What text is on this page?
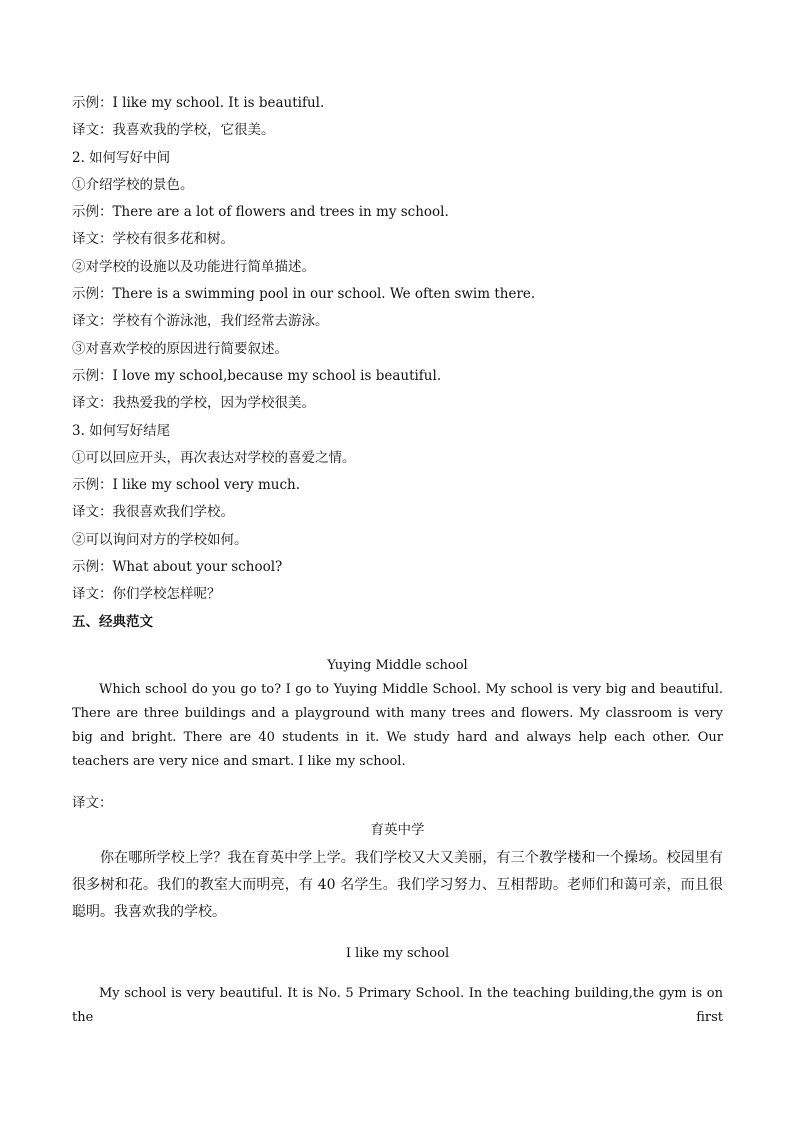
示例：I like my school. It is beautiful.
译文：我喜欢我的学校，它很美。
2. 如何写好中间
①介绍学校的景色。
示例：There are a lot of flowers and trees in my school.
译文：学校有很多花和树。
②对学校的设施以及功能进行简单描述。
示例：There is a swimming pool in our school. We often swim there.
译文：学校有个游泳池，我们经常去游泳。
③对喜欢学校的原因进行简要叙述。
示例：I love my school,because my school is beautiful.
译文：我热爱我的学校，因为学校很美。
3. 如何写好结尾
①可以回应开头，再次表达对学校的喜爱之情。
示例：I like my school very much.
译文：我很喜欢我们学校。
②可以询问对方的学校如何。
示例：What about your school?
译文：你们学校怎样呢？
五、经典范文
Yuying Middle school
Which school do you go to? I go to Yuying Middle School. My school is very big and beautiful. There are three buildings and a playground with many trees and flowers. My classroom is very big and bright. There are 40 students in it. We study hard and always help each other. Our teachers are very nice and smart. I like my school.
译文：
育英中学
你在哪所学校上学？我在育英中学上学。我们学校又大又美丽，有三个教学楼和一个操场。校园里有很多树和花。我们的教室大而明亮，有 40 名学生。我们学习努力、互相帮助。老师们和蔼可亲，而且很聪明。我喜欢我的学校。
I like my school
My school is very beautiful. It is No. 5 Primary School. In the teaching building,the gym is on the first
